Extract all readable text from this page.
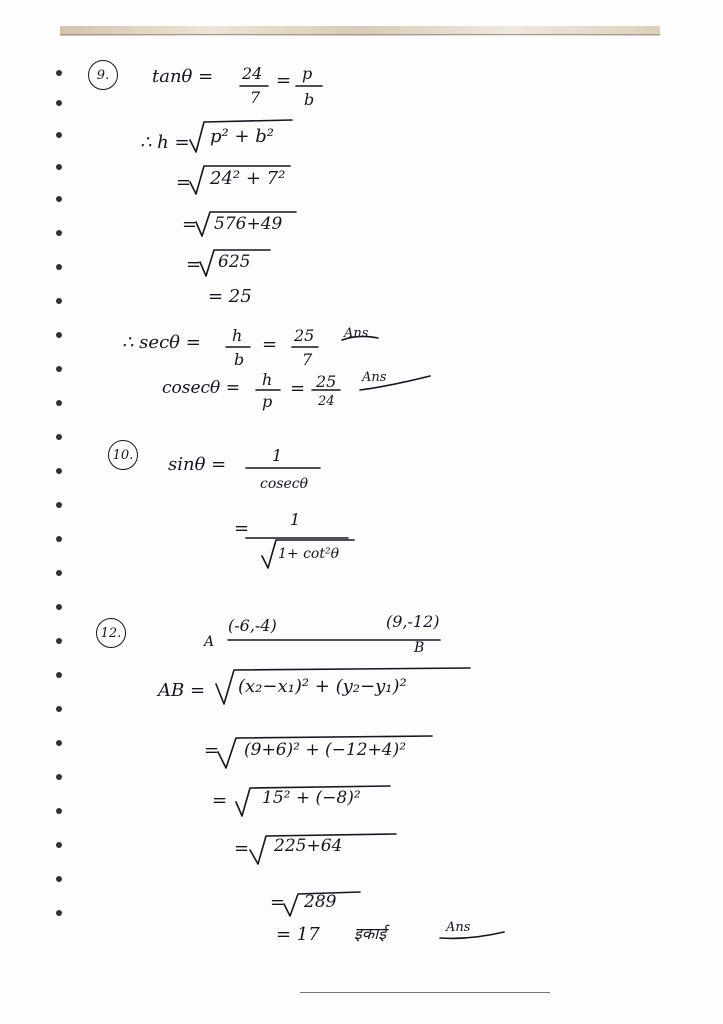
9. tanθ = 24
7
= p
b
∴ h = p² + b²
= 24² + 7²
= 576+49
= 625
= 25
∴ secθ = h
b
= 25
7
Ans
cosecθ = h
p
= 25
24
Ans
10. sinθ =	1
cosecθ
=	1
1+ cot²θ
12.
A
(-6,-4)	(9,-12)
B
AB = (x₂−x₁)² + (y₂−y₁)²
= (9+6)² + (−12+4)²
= 15² + (−8)²
= 225+64
= 289
= 17 इकाई	Ans
